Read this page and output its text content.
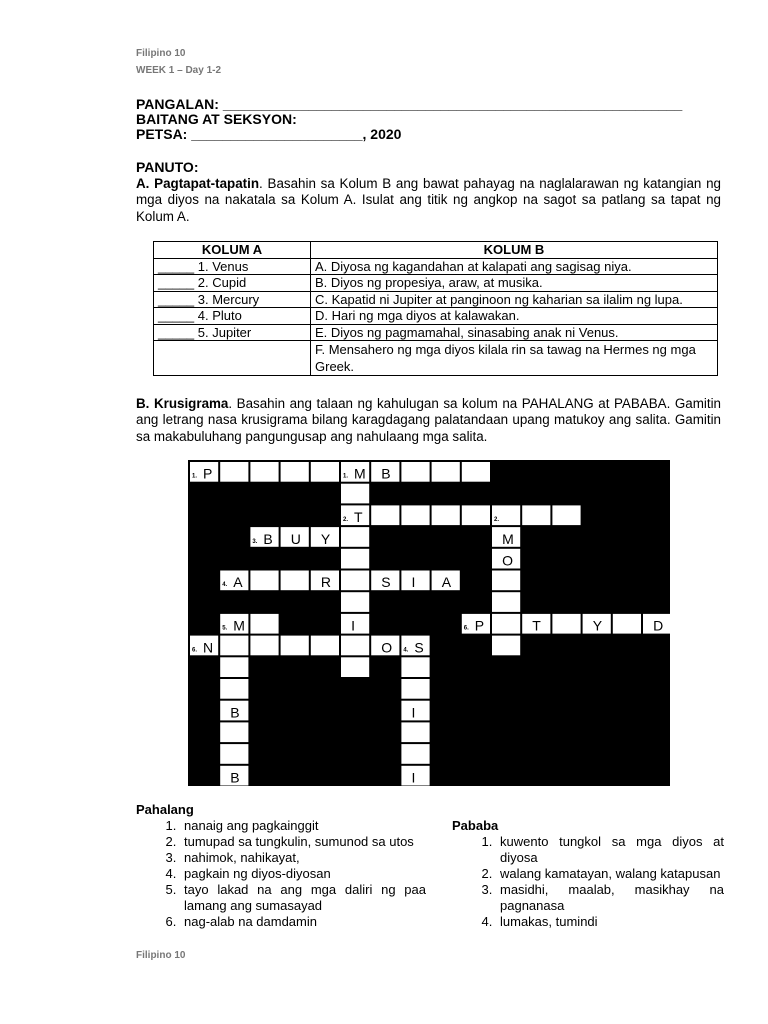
Filipino 10
WEEK 1 – Day 1-2
PANGALAN: ___________________________________________________________
BAITANG AT SEKSYON:
PETSA: ______________________, 2020
PANUTO:
A. Pagtapat-tapatin. Basahin sa Kolum B ang bawat pahayag na naglalarawan ng katangian ng mga diyos na nakatala sa Kolum A. Isulat ang titik ng angkop na sagot sa patlang sa tapat ng Kolum A.
KOLUM A	KOLUM B
_____ 1. Venus	A. Diyosa ng kagandahan at kalapati ang sagisag niya.
_____ 2. Cupid	B. Diyos ng propesiya, araw, at musika.
_____ 3. Mercury	C. Kapatid ni Jupiter at panginoon ng kaharian sa ilalim ng lupa.
_____ 4. Pluto	D. Hari ng mga diyos at kalawakan.
_____ 5. Jupiter	E. Diyos ng pagmamahal, sinasabing anak ni Venus.
	F. Mensahero ng mga diyos kilala rin sa tawag na Hermes ng mga Greek.
B. Krusigrama. Basahin ang talaan ng kahulugan sa kolum na PAHALANG at PABABA. Gamitin ang letrang nasa krusigrama bilang karagdagang palatandaan upang matukoy ang salita. Gamitin sa makabuluhang pangungusap ang nahulaang mga salita.
1. P	1. M B
2. T	2.
3. B U Y	M
O
4. A	R	S I A
5. M	I	6. P	T	Y	D
6. N	O 4. S
B	I
B	I
Pahalang
1. nanaig ang pagkainggit
2. tumupad sa tungkulin, sumunod sa utos
3. nahimok, nahikayat,
4. pagkain ng diyos-diyosan
5. tayo lakad na ang mga daliri ng paa lamang ang sumasayad
6. nag-alab na damdamin
Pababa
1. kuwento tungkol sa mga diyos at diyosa
2. walang kamatayan, walang katapusan
3. masidhi, maalab, masikhay na pagnanasa
4. lumakas, tumindi
Filipino 10
